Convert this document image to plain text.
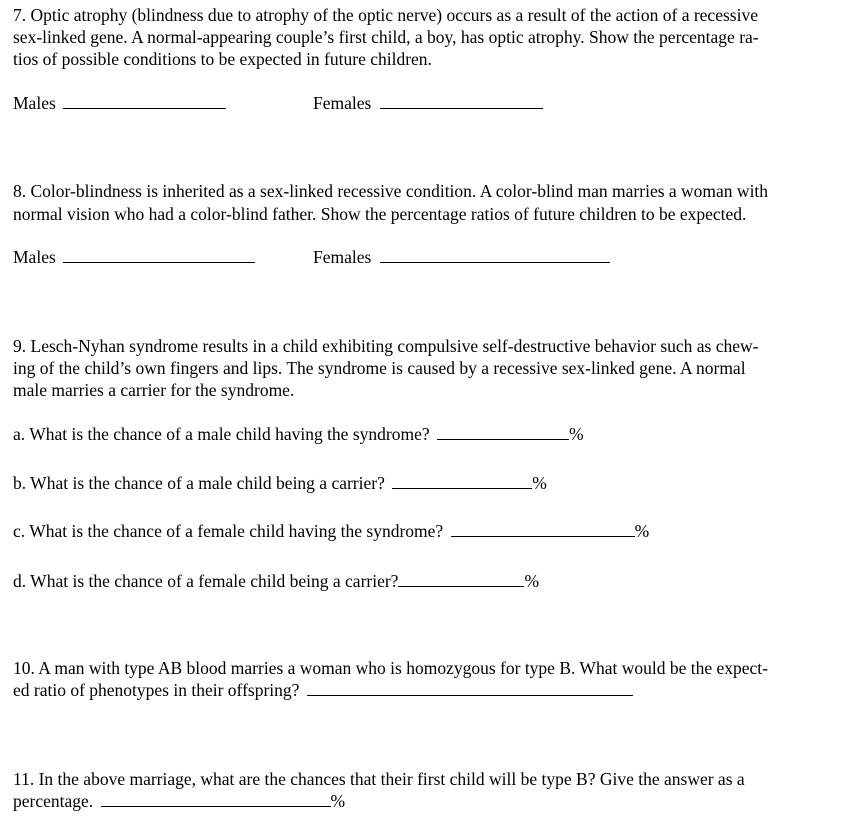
7. Optic atrophy (blindness due to atrophy of the optic nerve) occurs as a result of the action of a recessive
sex-linked gene. A normal-appearing couple’s first child, a boy, has optic atrophy. Show the percentage ra-
tios of possible conditions to be expected in future children.
Males	Females
8. Color-blindness is inherited as a sex-linked recessive condition. A color-blind man marries a woman with
normal vision who had a color-blind father. Show the percentage ratios of future children to be expected.
Males	Females
9. Lesch-Nyhan syndrome results in a child exhibiting compulsive self-destructive behavior such as chew-
ing of the child’s own fingers and lips. The syndrome is caused by a recessive sex-linked gene. A normal
male marries a carrier for the syndrome.
a. What is the chance of a male child having the syndrome?	%
b. What is the chance of a male child being a carrier?	%
c. What is the chance of a female child having the syndrome?	%
d. What is the chance of a female child being a carrier?	%
10. A man with type AB blood marries a woman who is homozygous for type B. What would be the expect-
ed ratio of phenotypes in their offspring?
11. In the above marriage, what are the chances that their first child will be type B? Give the answer as a
percentage.	%
